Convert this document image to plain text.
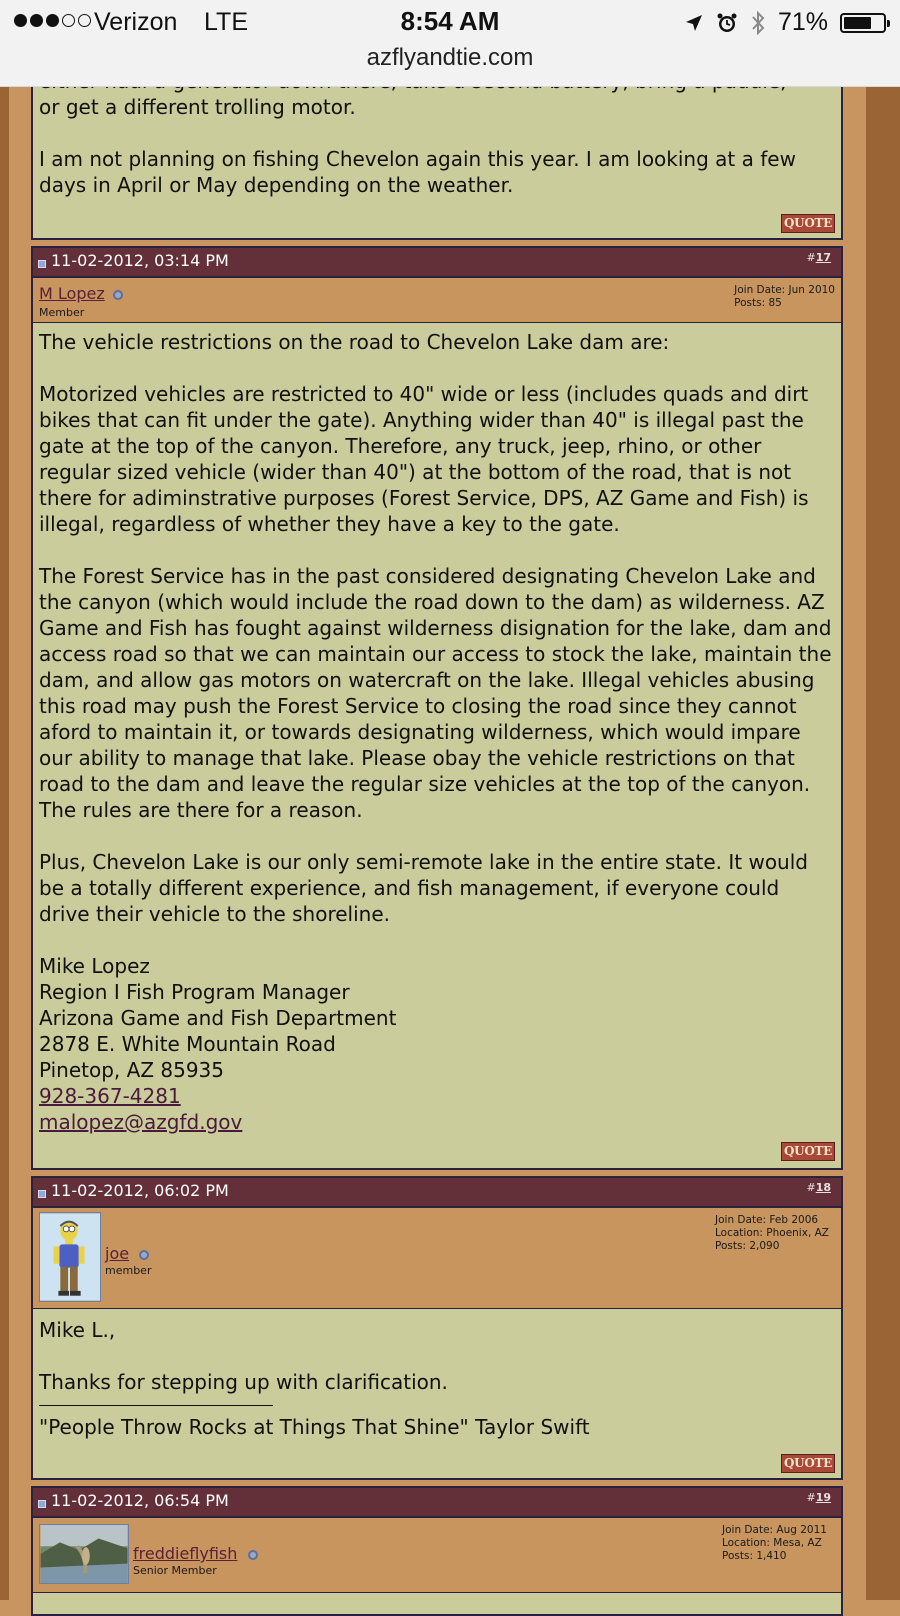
Verizon LTE	8:54 AM	71%
azflyandtie.com

or get a different trolling motor.

I am not planning on fishing Chevelon again this year. I am looking at a few days in April or May depending on the weather.

QUOTE
11-02-2012, 03:14 PM	#17
M Lopez
Member
Join Date: Jun 2010
Posts: 85

The vehicle restrictions on the road to Chevelon Lake dam are:

Motorized vehicles are restricted to 40" wide or less (includes quads and dirt bikes that can fit under the gate). Anything wider than 40" is illegal past the gate at the top of the canyon. Therefore, any truck, jeep, rhino, or other regular sized vehicle (wider than 40") at the bottom of the road, that is not there for adiminstrative purposes (Forest Service, DPS, AZ Game and Fish) is illegal, regardless of whether they have a key to the gate.

The Forest Service has in the past considered designating Chevelon Lake and the canyon (which would include the road down to the dam) as wilderness. AZ Game and Fish has fought against wilderness disignation for the lake, dam and access road so that we can maintain our access to stock the lake, maintain the dam, and allow gas motors on watercraft on the lake. Illegal vehicles abusing this road may push the Forest Service to closing the road since they cannot aford to maintain it, or towards designating wilderness, which would impare our ability to manage that lake. Please obay the vehicle restrictions on that road to the dam and leave the regular size vehicles at the top of the canyon. The rules are there for a reason.

Plus, Chevelon Lake is our only semi-remote lake in the entire state. It would be a totally different experience, and fish management, if everyone could drive their vehicle to the shoreline.

Mike Lopez

Region I Fish Program Manager

Arizona Game and Fish Department

2878 E. White Mountain Road

Pinetop, AZ 85935

928-367-4281

malopez@azgfd.gov

QUOTE
11-02-2012, 06:02 PM	#18
joe
member
Join Date: Feb 2006
Location: Phoenix, AZ
Posts: 2,090

Mike L.,

Thanks for stepping up with clarification.

"People Throw Rocks at Things That Shine" Taylor Swift

QUOTE
11-02-2012, 06:54 PM	#19
freddieflyfish
Senior Member
Join Date: Aug 2011
Location: Mesa, AZ
Posts: 1,410
